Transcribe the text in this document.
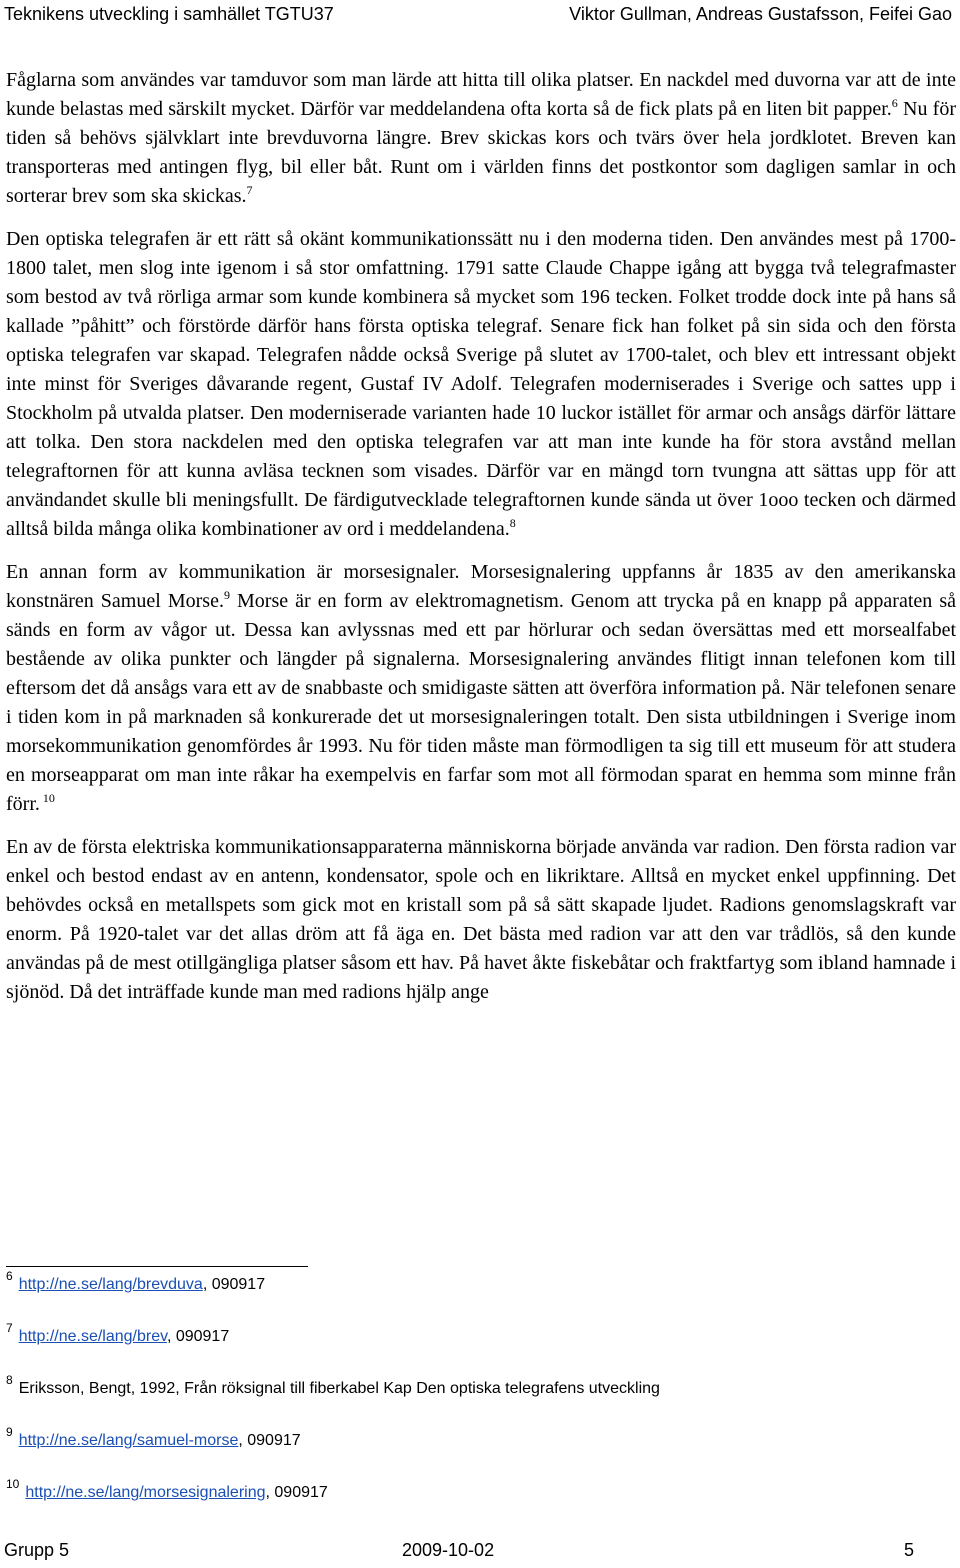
Teknikens utveckling i samhället TGTU37	Viktor Gullman, Andreas Gustafsson, Feifei Gao

Fåglarna som användes var tamduvor som man lärde att hitta till olika platser. En nackdel med duvorna var att de inte kunde belastas med särskilt mycket. Därför var meddelandena ofta korta så de fick plats på en liten bit papper.$^6$ Nu för tiden så behövs självklart inte brevduvorna längre. Brev skickas kors och tvärs över hela jordklotet. Breven kan transporteras med antingen flyg, bil eller båt. Runt om i världen finns det postkontor som dagligen samlar in och sorterar brev som ska skickas.$^7$

Den optiska telegrafen är ett rätt så okänt kommunikationssätt nu i den moderna tiden. Den användes mest på 1700-1800 talet, men slog inte igenom i så stor omfattning. 1791 satte Claude Chappe igång att bygga två telegrafmaster som bestod av två rörliga armar som kunde kombinera så mycket som 196 tecken. Folket trodde dock inte på hans så kallade ”påhitt” och förstörde därför hans första optiska telegraf. Senare fick han folket på sin sida och den första optiska telegrafen var skapad. Telegrafen nådde också Sverige på slutet av 1700-talet, och blev ett intressant objekt inte minst för Sveriges dåvarande regent, Gustaf IV Adolf. Telegrafen moderniserades i Sverige och sattes upp i Stockholm på utvalda platser. Den moderniserade varianten hade 10 luckor istället för armar och ansågs därför lättare att tolka. Den stora nackdelen med den optiska telegrafen var att man inte kunde ha för stora avstånd mellan telegraftornen för att kunna avläsa tecknen som visades. Därför var en mängd torn tvungna att sättas upp för att användandet skulle bli meningsfullt. De färdigutvecklade telegraftornen kunde sända ut över 1ooo tecken och därmed alltså bilda många olika kombinationer av ord i meddelandena.$^8$

En annan form av kommunikation är morsesignaler. Morsesignalering uppfanns år 1835 av den amerikanska konstnären Samuel Morse.$^9$ Morse är en form av elektromagnetism. Genom att trycka på en knapp på apparaten så sänds en form av vågor ut. Dessa kan avlyssnas med ett par hörlurar och sedan översättas med ett morsealfabet bestående av olika punkter och längder på signalerna. Morsesignalering användes flitigt innan telefonen kom till eftersom det då ansågs vara ett av de snabbaste och smidigaste sätten att överföra information på. När telefonen senare i tiden kom in på marknaden så konkurerade det ut morsesignaleringen totalt. Den sista utbildningen i Sverige inom morsekommunikation genomfördes år 1993. Nu för tiden måste man förmodligen ta sig till ett museum för att studera en morseapparat om man inte råkar ha exempelvis en farfar som mot all förmodan sparat en hemma som minne från förr. $^{10}$

En av de första elektriska kommunikationsapparaterna människorna började använda var radion. Den första radion var enkel och bestod endast av en antenn, kondensator, spole och en likriktare. Alltså en mycket enkel uppfinning. Det behövdes också en metallspets som gick mot en kristall som på så sätt skapade ljudet. Radions genomslagskraft var enorm. På 1920-talet var det allas dröm att få äga en. Det bästa med radion var att den var trådlös, så den kunde användas på de mest otillgängliga platser såsom ett hav. På havet åkte fiskebåtar och fraktfartyg som ibland hamnade i sjönöd. Då det inträffade kunde man med radions hjälp ange

$^6$ http://ne.se/lang/brevduva, 090917
$^7$ http://ne.se/lang/brev, 090917
$^8$ Eriksson, Bengt, 1992, Från röksignal till fiberkabel Kap Den optiska telegrafens utveckling
$^9$ http://ne.se/lang/samuel-morse, 090917
$^{10}$ http://ne.se/lang/morsesignalering, 090917
Grupp 5	2009-10-02	5
